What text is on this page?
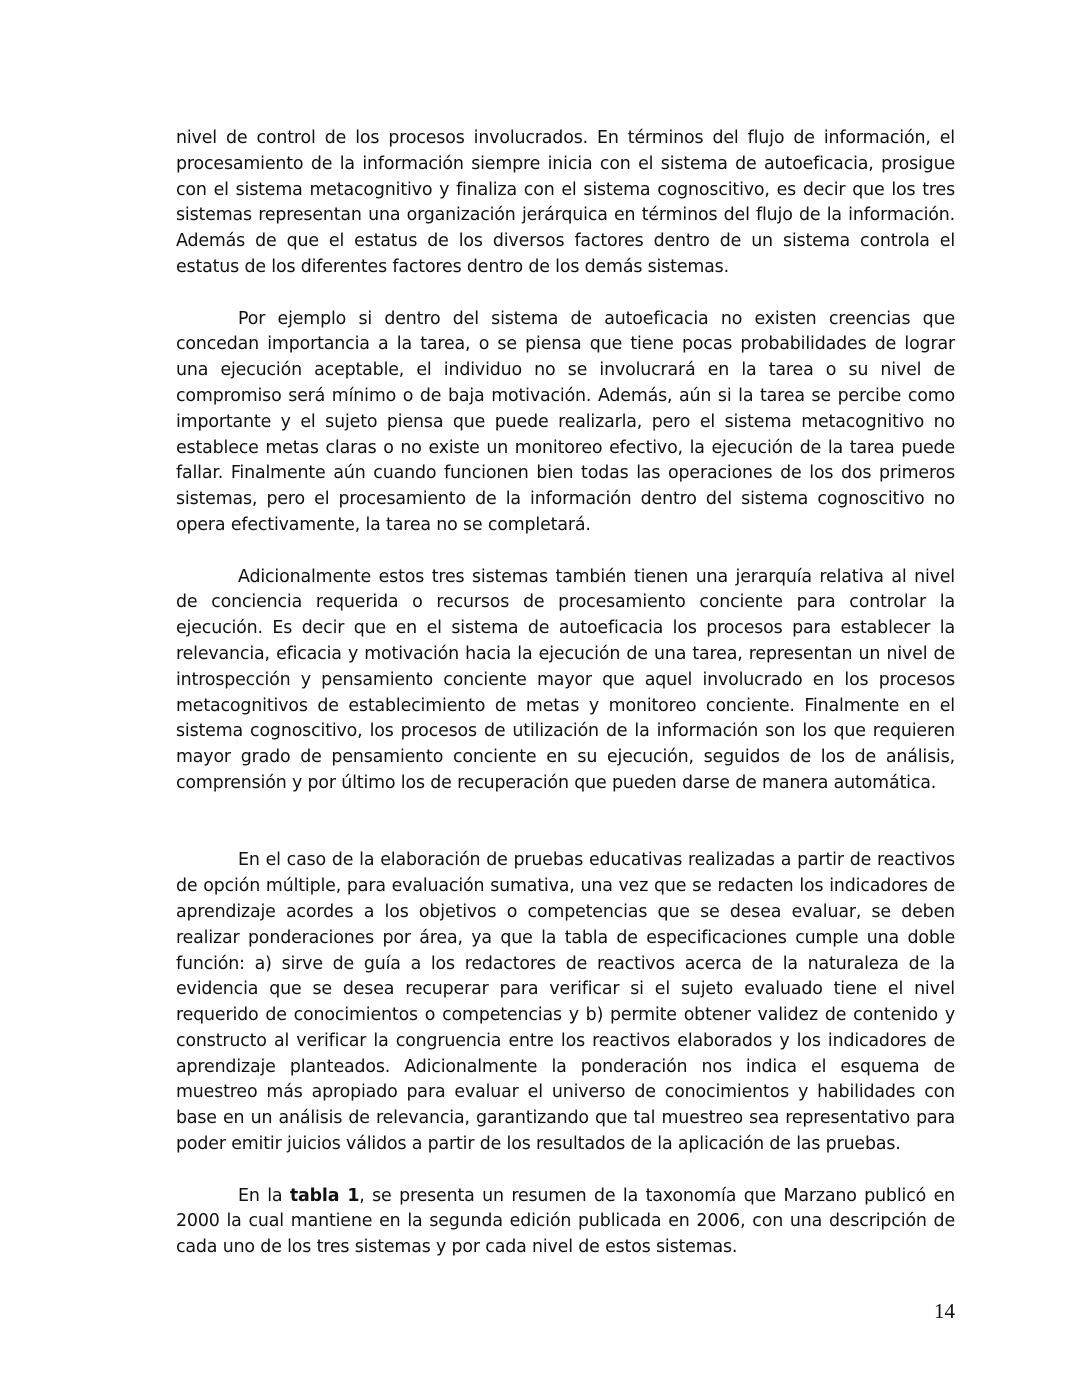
nivel de control de los procesos involucrados. En términos del flujo de información, el procesamiento de la información siempre inicia con el sistema de autoeficacia, prosigue con el sistema metacognitivo y finaliza con el sistema cognoscitivo, es decir que los tres sistemas representan una organización jerárquica en términos del flujo de la información. Además de que el estatus de los diversos factores dentro de un sistema controla el estatus de los diferentes factores dentro de los demás sistemas.

Por ejemplo si dentro del sistema de autoeficacia no existen creencias que concedan importancia a la tarea, o se piensa que tiene pocas probabilidades de lograr una ejecución aceptable, el individuo no se involucrará en la tarea o su nivel de compromiso será mínimo o de baja motivación. Además, aún si la tarea se percibe como importante y el sujeto piensa que puede realizarla, pero el sistema metacognitivo no establece metas claras o no existe un monitoreo efectivo, la ejecución de la tarea puede fallar. Finalmente aún cuando funcionen bien todas las operaciones de los dos primeros sistemas, pero el procesamiento de la información dentro del sistema cognoscitivo no opera efectivamente, la tarea no se completará.

Adicionalmente estos tres sistemas también tienen una jerarquía relativa al nivel de conciencia requerida o recursos de procesamiento conciente para controlar la ejecución. Es decir que en el sistema de autoeficacia los procesos para establecer la relevancia, eficacia y motivación hacia la ejecución de una tarea, representan un nivel de introspección y pensamiento conciente mayor que aquel involucrado en los procesos metacognitivos de establecimiento de metas y monitoreo conciente. Finalmente en el sistema cognoscitivo, los procesos de utilización de la información son los que requieren mayor grado de pensamiento conciente en su ejecución, seguidos de los de análisis, comprensión y por último los de recuperación que pueden darse de manera automática.

En el caso de la elaboración de pruebas educativas realizadas a partir de reactivos de opción múltiple, para evaluación sumativa, una vez que se redacten los indicadores de aprendizaje acordes a los objetivos o competencias que se desea evaluar, se deben realizar ponderaciones por área, ya que la tabla de especificaciones cumple una doble función: a) sirve de guía a los redactores de reactivos acerca de la naturaleza de la evidencia que se desea recuperar para verificar si el sujeto evaluado tiene el nivel requerido de conocimientos o competencias y b) permite obtener validez de contenido y constructo al verificar la congruencia entre los reactivos elaborados y los indicadores de aprendizaje planteados. Adicionalmente la ponderación nos indica el esquema de muestreo más apropiado para evaluar el universo de conocimientos y habilidades con base en un análisis de relevancia, garantizando que tal muestreo sea representativo para poder emitir juicios válidos a partir de los resultados de la aplicación de las pruebas.

En la tabla 1, se presenta un resumen de la taxonomía que Marzano publicó en 2000 la cual mantiene en la segunda edición publicada en 2006, con una descripción de cada uno de los tres sistemas y por cada nivel de estos sistemas.

14
